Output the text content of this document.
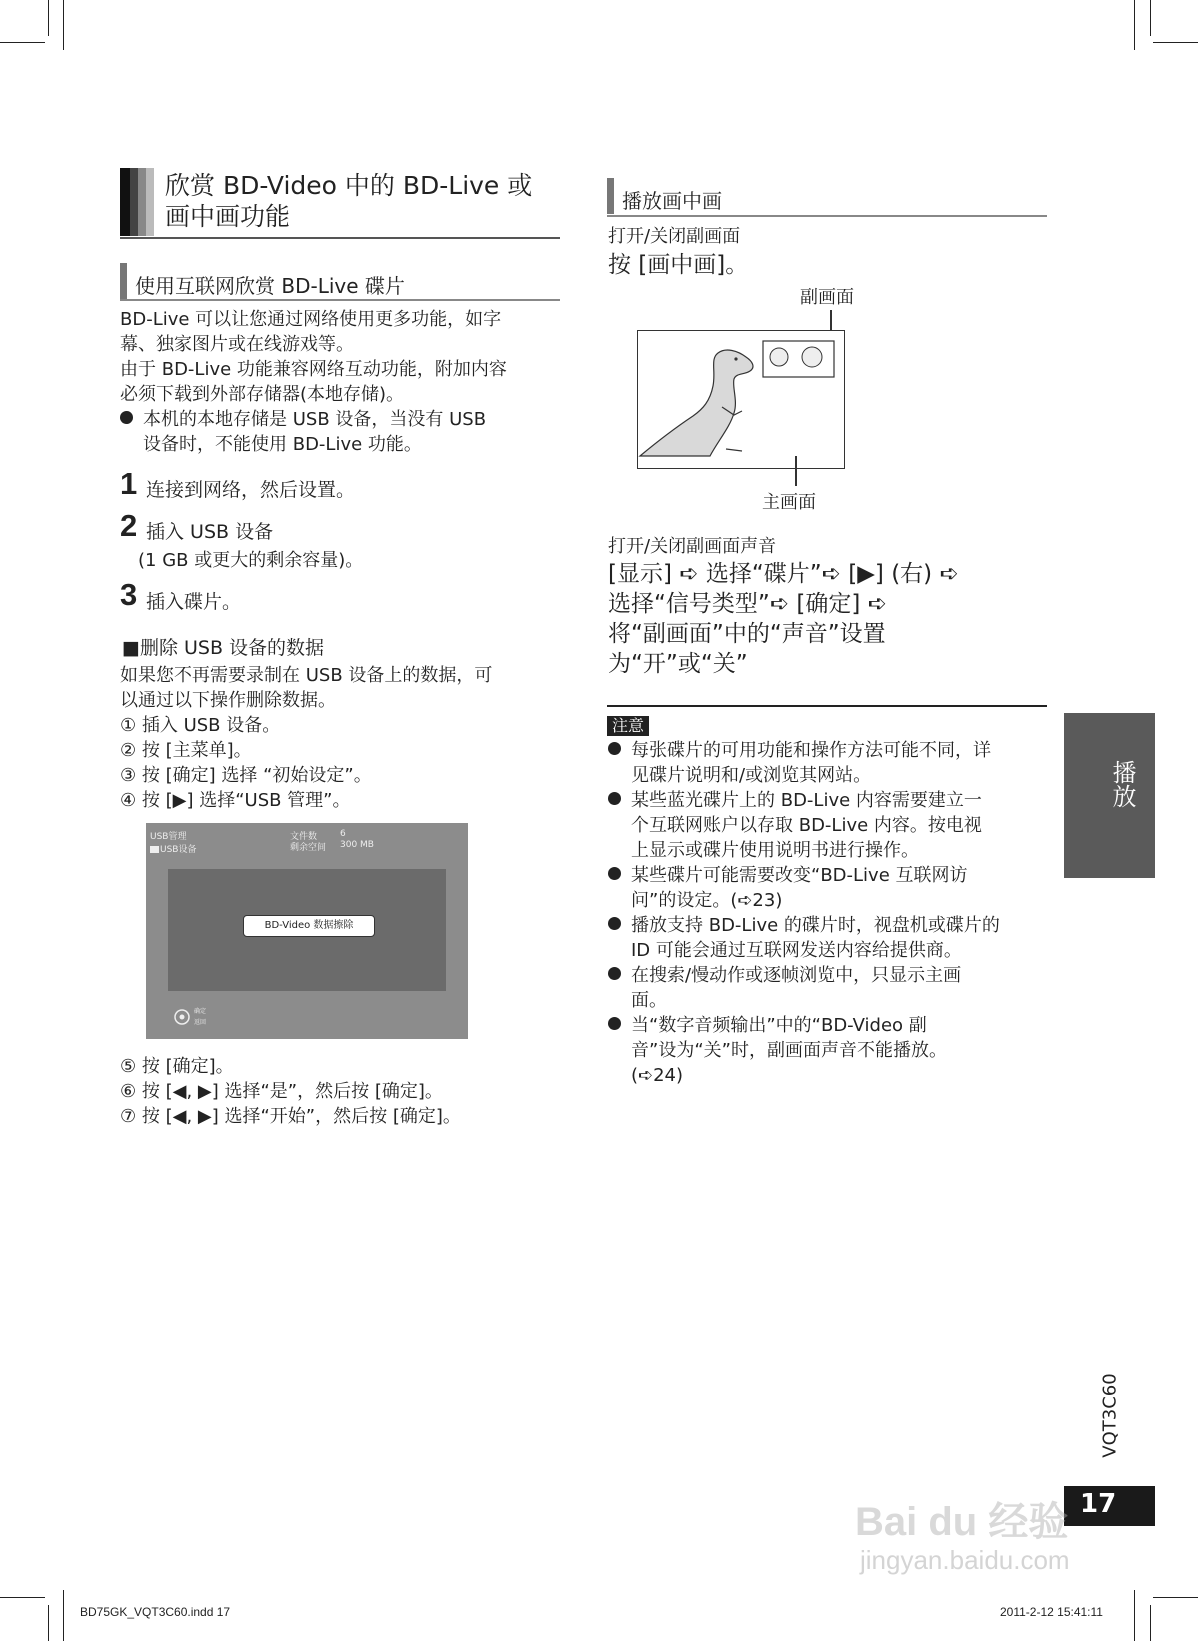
欣赏 BD-Video 中的 BD-Live 或
画中画功能
使用互联网欣赏 BD-Live 碟片
BD-Live 可以让您通过网络使用更多功能，如字
幕、独家图片或在线游戏等。
由于 BD-Live 功能兼容网络互动功能，附加内容
必须下载到外部存储器(本地存储)。
本机的本地存储是 USB 设备，当没有 USB
设备时，不能使用 BD-Live 功能。
1 连接到网络，然后设置。
2 插入 USB 设备
(1 GB 或更大的剩余容量)。
3 插入碟片。
■删除 USB 设备的数据
如果您不再需要录制在 USB 设备上的数据，可
以通过以下操作删除数据。
① 插入 USB 设备。
② 按 [主菜单]。
③ 按 [确定] 选择 “初始设定”。
④ 按 [▶] 选择“USB 管理”。
USB管理
USB设备
文件数	6
剩余空间 300 MB
BD-Video 数据擦除
确定
返回
⑤ 按 [确定]。
⑥ 按 [◀, ▶] 选择“是”，然后按 [确定]。
⑦ 按 [◀, ▶] 选择“开始”，然后按 [确定]。
播放画中画
打开/关闭副画面
按 [画中画]。
副画面
主画面
打开/关闭副画面声音
[显示] ➪ 选择“碟片”➪ [▶] (右) ➪
选择“信号类型”➪ [确定] ➪
将“副画面”中的“声音”设置
为“开”或“关”
注意
每张碟片的可用功能和操作方法可能不同，详
见碟片说明和/或浏览其网站。
某些蓝光碟片上的 BD-Live 内容需要建立一
个互联网账户以存取 BD-Live 内容。按电视
上显示或碟片使用说明书进行操作。
某些碟片可能需要改变“BD-Live 互联网访
问”的设定。(➪23)
播放支持 BD-Live 的碟片时，视盘机或碟片的
ID 可能会通过互联网发送内容给提供商。
在搜索/慢动作或逐帧浏览中，只显示主画
面。
当“数字音频输出”中的“BD-Video 副
音”设为“关”时，副画面声音不能播放。
(➪24)
播放
VQT3C60
17
Bai du 经验
jingyan.baidu.com
BD75GK_VQT3C60.indd 17	2011-2-12 15:41:11
